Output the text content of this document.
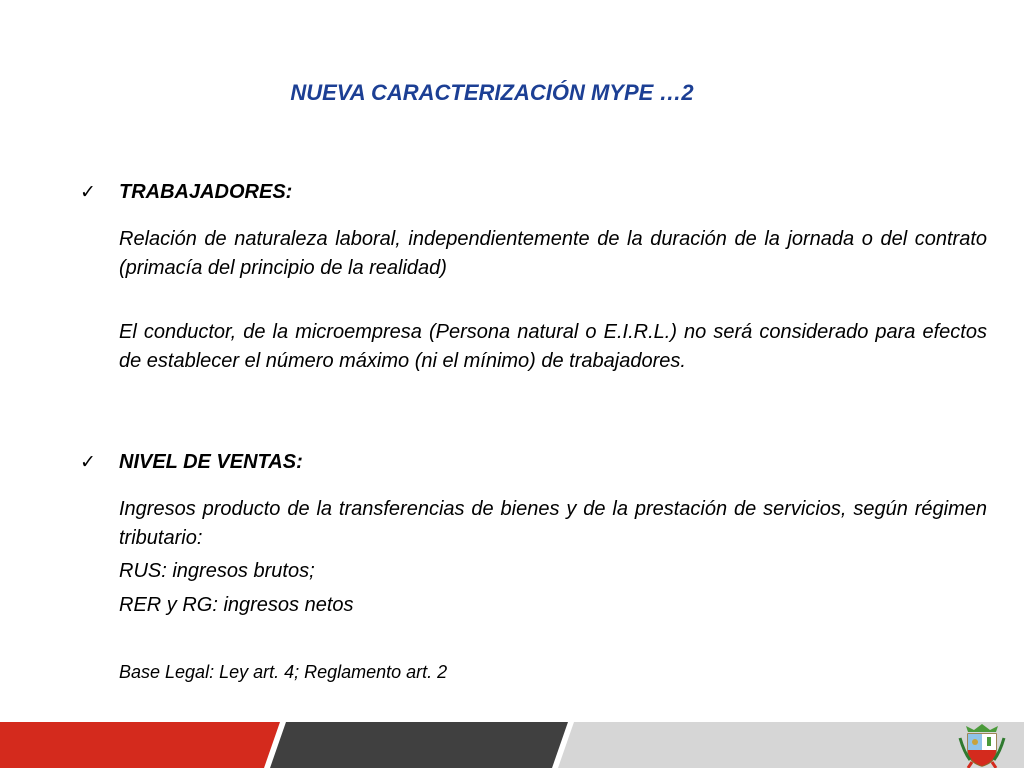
NUEVA CARACTERIZACIÓN MYPE …2
✓ TRABAJADORES:
Relación de naturaleza laboral, independientemente de la duración de la jornada o del contrato (primacía del principio de la realidad)
El conductor, de la microempresa (Persona natural o E.I.R.L.) no será considerado para efectos de establecer el número máximo (ni el mínimo) de trabajadores.
✓ NIVEL DE VENTAS:
Ingresos producto de la transferencias de bienes y de la prestación de servicios, según régimen tributario:
RUS: ingresos brutos;
RER y RG: ingresos netos
Base Legal: Ley art. 4; Reglamento art. 2
